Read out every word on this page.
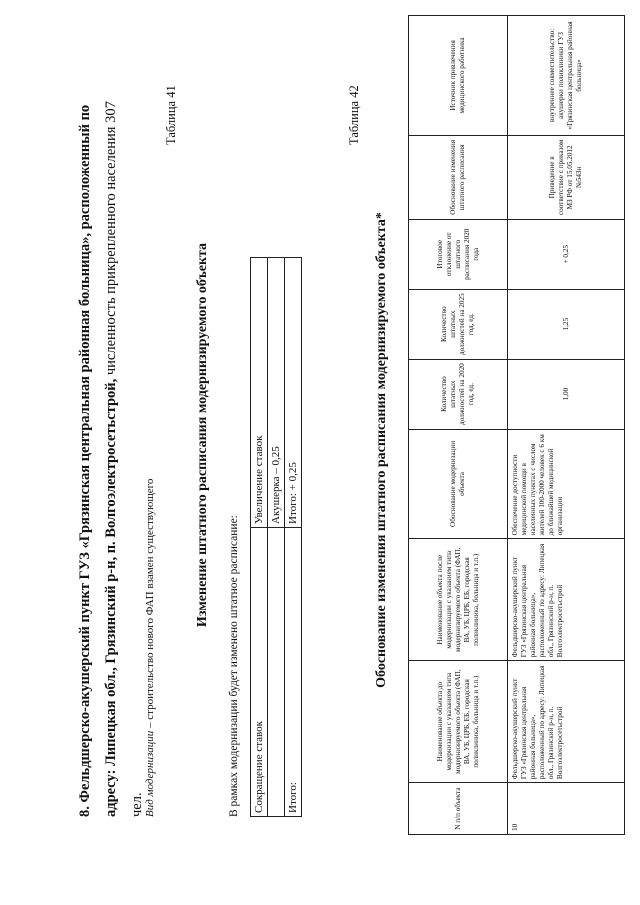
8. Фельдшерско-акушерский пункт ГУЗ «Грязинская центральная районная больница», расположенный по адресу: Липецкая обл., Грязинский р-н, п. Волгоэлектросетьстрой, численность прикрепленного населения 307 чел. Вид модернизации – строительство нового ФАП взамен существующего
Таблица 41
Изменение штатного расписания модернизируемого объекта
В рамках модернизации будет изменено штатное расписание: Сокращение ставок	Увеличение ставок
	Акушерка – 0,25
Итого:	Итого: + 0,25
Таблица 42
Обоснование изменения штатного расписания модернизируемого объекта*
N п/п объекта	Наименование объекта до модернизации с указанием типа модернизируемого объекта (ФАП, ВА, УБ, ЦРБ, ЕБ, городская поликлиника, больница и т.п.)	Наименование объекта после модернизации с указанием типа модернизируемого объекта (ФАП, ВА, УБ, ЦРБ, ЕБ, городская поликлиника, больница и т.п.)	Обоснование модернизации объекта	Количество штатных должностей на 2020 год, ед.	Количество штатных должностей на 2025 год, ед.	Итоговое отклонение от штатного расписания 2020 года	Обоснование изменения штатного расписания	Источник привлечения медицинского работника
10	Фельдшерско-акушерский пункт ГУЗ «Грязинская центральная районная больница», расположенный по адресу: Липецкая обл., Грязинский р-н, п. Волгоэлектросетьстрой	Фельдшерско-акушерский пункт ГУЗ «Грязинская центральная районная больница», расположенный по адресу: Липецкая обл., Грязинский р-н, п. Волгоэлектросетьстрой	Обеспечение доступности медицинской помощи в населенных пунктах с числом жителей 100-2000 человек с 6 км до ближайшей медицинской организации	1,00	1,25	+ 0,25	Приведение в соответствие с приказом МЗ РФ от 15.05.2012 №543н	внутреннее совместительство: акушерки поликлиники ГУЗ «Грязинская центральная районная больница»
